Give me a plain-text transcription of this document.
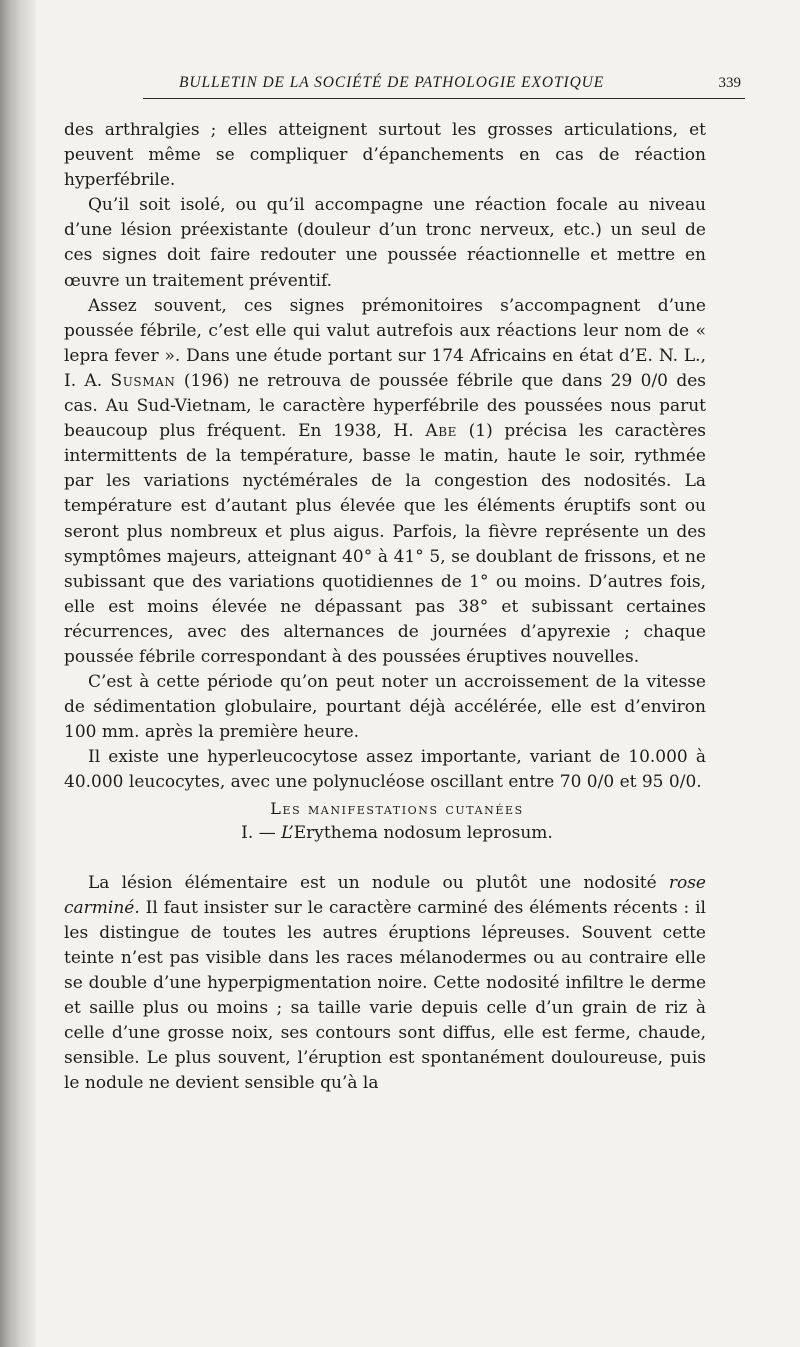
BULLETIN DE LA SOCIÉTÉ DE PATHOLOGIE EXOTIQUE	339

des arthralgies ; elles atteignent surtout les grosses articulations, et peuvent même se compliquer d’épanchements en cas de réaction hyperfébrile.

Qu’il soit isolé, ou qu’il accompagne une réaction focale au niveau d’une lésion préexistante (douleur d’un tronc nerveux, etc.) un seul de ces signes doit faire redouter une poussée réactionnelle et mettre en œuvre un traitement préventif.

Assez souvent, ces signes prémonitoires s’accompagnent d’une poussée fébrile, c’est elle qui valut autrefois aux réactions leur nom de « lepra fever ». Dans une étude portant sur 174 Africains en état d’E. N. L., I. A. Susman (196) ne retrouva de poussée fébrile que dans 29 0/0 des cas. Au Sud-Vietnam, le caractère hyperfébrile des poussées nous parut beaucoup plus fréquent. En 1938, H. Abe (1) précisa les caractères intermittents de la température, basse le matin, haute le soir, rythmée par les variations nyctémérales de la congestion des nodosités. La température est d’autant plus élevée que les éléments éruptifs sont ou seront plus nombreux et plus aigus. Parfois, la fièvre représente un des symptômes majeurs, atteignant 40° à 41° 5, se doublant de frissons, et ne subissant que des variations quotidiennes de 1° ou moins. D’autres fois, elle est moins élevée ne dépassant pas 38° et subissant certaines récurrences, avec des alternances de journées d’apyrexie ; chaque poussée fébrile correspondant à des poussées éruptives nouvelles.

C’est à cette période qu’on peut noter un accroissement de la vitesse de sédimentation globulaire, pourtant déjà accélérée, elle est d’environ 100 mm. après la première heure.

Il existe une hyperleucocytose assez importante, variant de 10.000 à 40.000 leucocytes, avec une polynucléose oscillant entre 70 0/0 et 95 0/0.

Les manifestations cutanées

I. — L’Erythema nodosum leprosum.

La lésion élémentaire est un nodule ou plutôt une nodosité rose carminé. Il faut insister sur le caractère carminé des éléments récents : il les distingue de toutes les autres éruptions lépreuses. Souvent cette teinte n’est pas visible dans les races mélanodermes ou au contraire elle se double d’une hyperpigmentation noire. Cette nodosité infiltre le derme et saille plus ou moins ; sa taille varie depuis celle d’un grain de riz à celle d’une grosse noix, ses contours sont diffus, elle est ferme, chaude, sensible. Le plus souvent, l’éruption est spontanément douloureuse, puis le nodule ne devient sensible qu’à la
